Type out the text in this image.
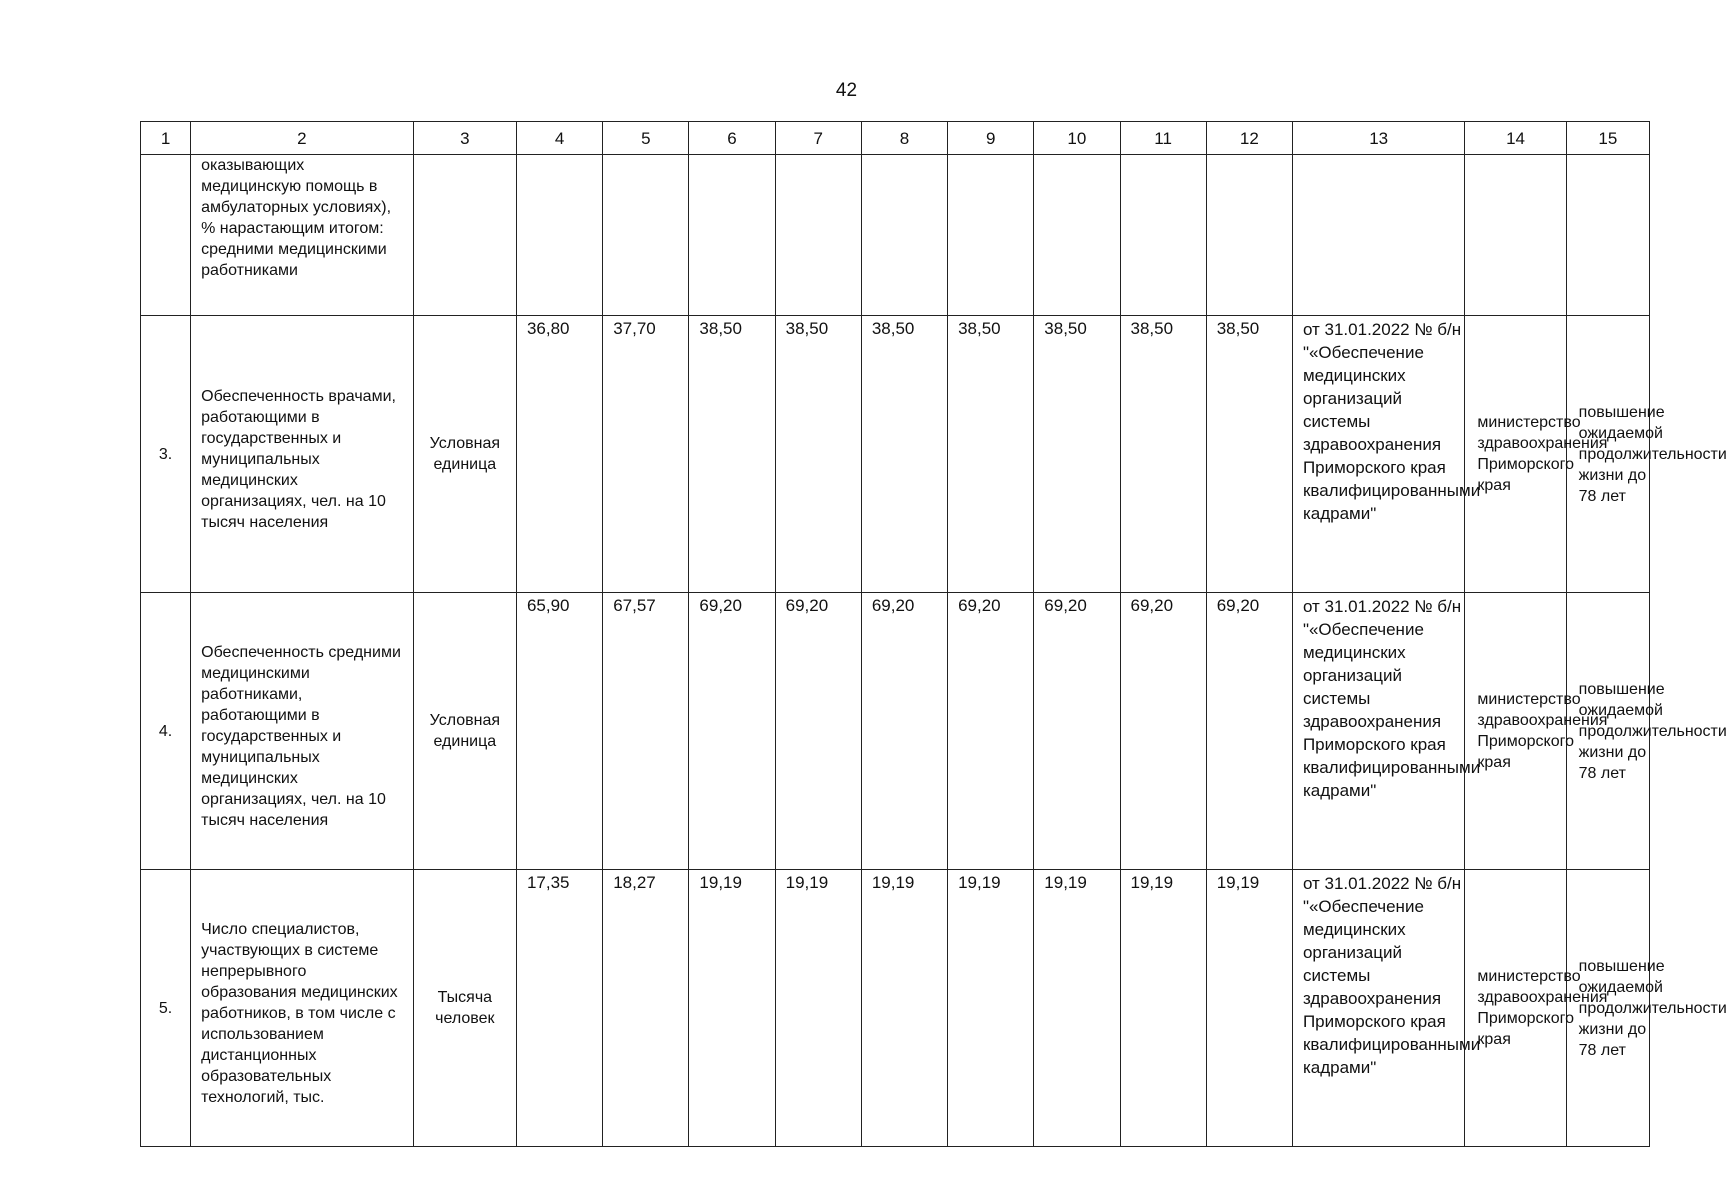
42
1	2	3	4	5	6	7	8	9	10	11	12	13	14	15
	оказывающих медицинскую помощь в амбулаторных условиях), % нарастающим итогом: средними медицинскими работниками													
3.	Обеспеченность врачами, работающими в государственных и муниципальных медицинских организациях, чел. на 10 тысяч населения	Условная единица	36,80	37,70	38,50	38,50	38,50	38,50	38,50	38,50	38,50	от 31.01.2022 № б/н "«Обеспечение медицинских организаций системы здравоохранения Приморского края квалифицированными кадрами"	министерство здравоохранения Приморского края	повышение ожидаемой продолжительности жизни до 78 лет
4.	Обеспеченность средними медицинскими работниками, работающими в государственных и муниципальных медицинских организациях, чел. на 10 тысяч населения	Условная единица	65,90	67,57	69,20	69,20	69,20	69,20	69,20	69,20	69,20	от 31.01.2022 № б/н "«Обеспечение медицинских организаций системы здравоохранения Приморского края квалифицированными кадрами"	министерство здравоохранения Приморского края	повышение ожидаемой продолжительности жизни до 78 лет
5.	Число специалистов, участвующих в системе непрерывного образования медицинских работников, в том числе с использованием дистанционных образовательных технологий, тыс.	Тысяча человек	17,35	18,27	19,19	19,19	19,19	19,19	19,19	19,19	19,19	от 31.01.2022 № б/н "«Обеспечение медицинских организаций системы здравоохранения Приморского края квалифицированными кадрами"	министерство здравоохранения Приморского края	повышение ожидаемой продолжительности жизни до 78 лет
